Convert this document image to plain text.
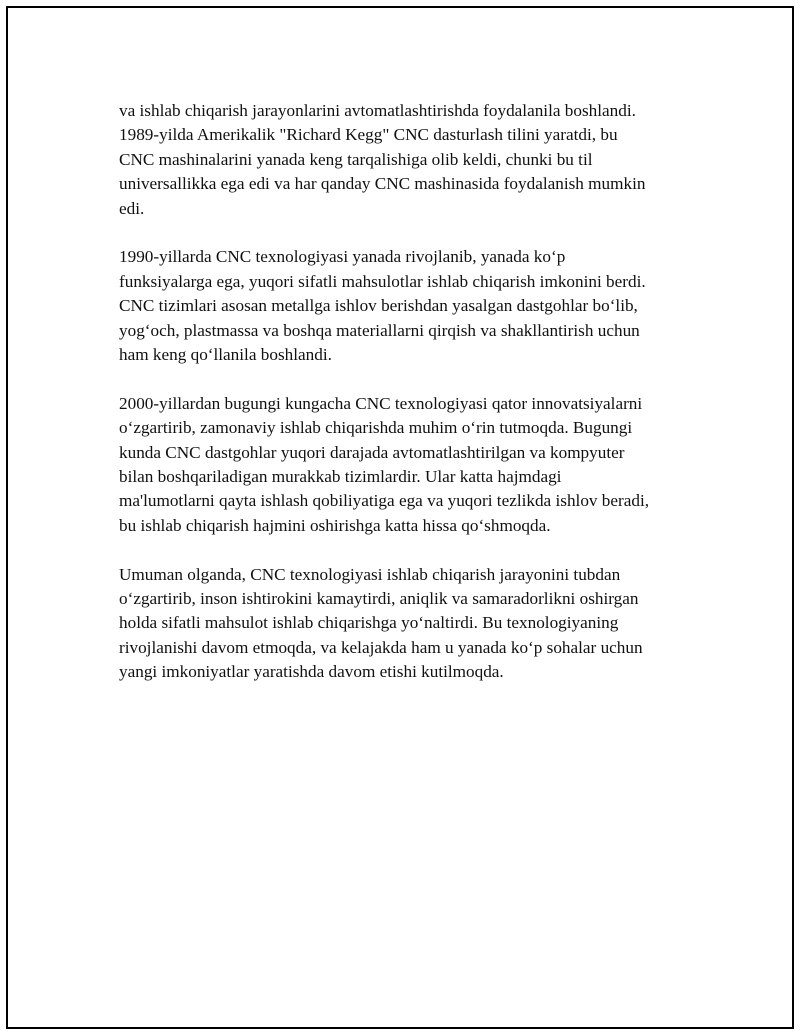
va ishlab chiqarish jarayonlarini avtomatlashtirishda foydalanila boshlandi.
1989-yilda Amerikalik "Richard Kegg" CNC dasturlash tilini yaratdi, bu
CNC mashinalarini yanada keng tarqalishiga olib keldi, chunki bu til
universallikka ega edi va har qanday CNC mashinasida foydalanish mumkin
edi.

1990-yillarda CNC texnologiyasi yanada rivojlanib, yanada koʻp
funksiyalarga ega, yuqori sifatli mahsulotlar ishlab chiqarish imkonini berdi.
CNC tizimlari asosan metallga ishlov berishdan yasalgan dastgohlar boʻlib,
yogʻoch, plastmassa va boshqa materiallarni qirqish va shakllantirish uchun
ham keng qoʻllanila boshlandi.

2000-yillardan bugungi kungacha CNC texnologiyasi qator innovatsiyalarni
oʻzgartirib, zamonaviy ishlab chiqarishda muhim oʻrin tutmoqda. Bugungi
kunda CNC dastgohlar yuqori darajada avtomatlashtirilgan va kompyuter
bilan boshqariladigan murakkab tizimlardir. Ular katta hajmdagi
ma'lumotlarni qayta ishlash qobiliyatiga ega va yuqori tezlikda ishlov beradi,
bu ishlab chiqarish hajmini oshirishga katta hissa qoʻshmoqda.

Umuman olganda, CNC texnologiyasi ishlab chiqarish jarayonini tubdan
oʻzgartirib, inson ishtirokini kamaytirdi, aniqlik va samaradorlikni oshirgan
holda sifatli mahsulot ishlab chiqarishga yoʻnaltirdi. Bu texnologiyaning
rivojlanishi davom etmoqda, va kelajakda ham u yanada koʻp sohalar uchun
yangi imkoniyatlar yaratishda davom etishi kutilmoqda.
